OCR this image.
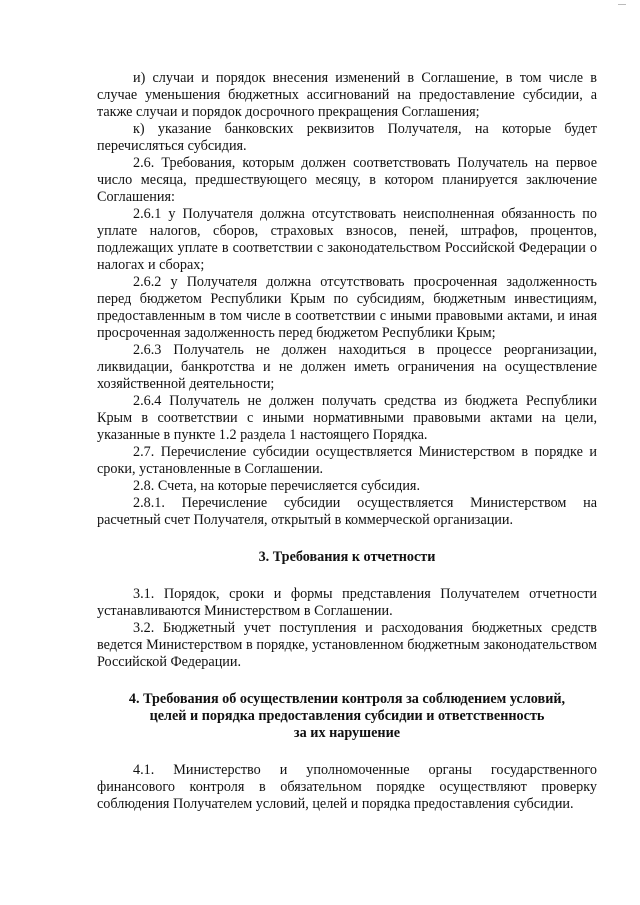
и) случаи и порядок внесения изменений в Соглашение, в том числе в случае уменьшения бюджетных ассигнований на предоставление субсидии, а также случаи и порядок досрочного прекращения Соглашения;

к) указание банковских реквизитов Получателя, на которые будет перечисляться субсидия.

2.6. Требования, которым должен соответствовать Получатель на первое число месяца, предшествующего месяцу, в котором планируется заключение Соглашения:

2.6.1 у Получателя должна отсутствовать неисполненная обязанность по уплате налогов, сборов, страховых взносов, пеней, штрафов, процентов, подлежащих уплате в соответствии с законодательством Российской Федерации о налогах и сборах;

2.6.2 у Получателя должна отсутствовать просроченная задолженность перед бюджетом Республики Крым по субсидиям, бюджетным инвестициям, предоставленным в том числе в соответствии с иными правовыми актами, и иная просроченная задолженность перед бюджетом Республики Крым;

2.6.3 Получатель не должен находиться в процессе реорганизации, ликвидации, банкротства и не должен иметь ограничения на осуществление хозяйственной деятельности;

2.6.4 Получатель не должен получать средства из бюджета Республики Крым в соответствии с иными нормативными правовыми актами на цели, указанные в пункте 1.2 раздела 1 настоящего Порядка.

2.7. Перечисление субсидии осуществляется Министерством в порядке и сроки, установленные в Соглашении.

2.8. Счета, на которые перечисляется субсидия.

2.8.1. Перечисление субсидии осуществляется Министерством на расчетный счет Получателя, открытый в коммерческой организации.

3. Требования к отчетности

3.1. Порядок, сроки и формы представления Получателем отчетности устанавливаются Министерством в Соглашении.

3.2. Бюджетный учет поступления и расходования бюджетных средств ведется Министерством в порядке, установленном бюджетным законодательством Российской Федерации.

4. Требования об осуществлении контроля за соблюдением условий,
целей и порядка предоставления субсидии и ответственность
за их нарушение

4.1. Министерство и уполномоченные органы государственного финансового контроля в обязательном порядке осуществляют проверку соблюдения Получателем условий, целей и порядка предоставления субсидии.
